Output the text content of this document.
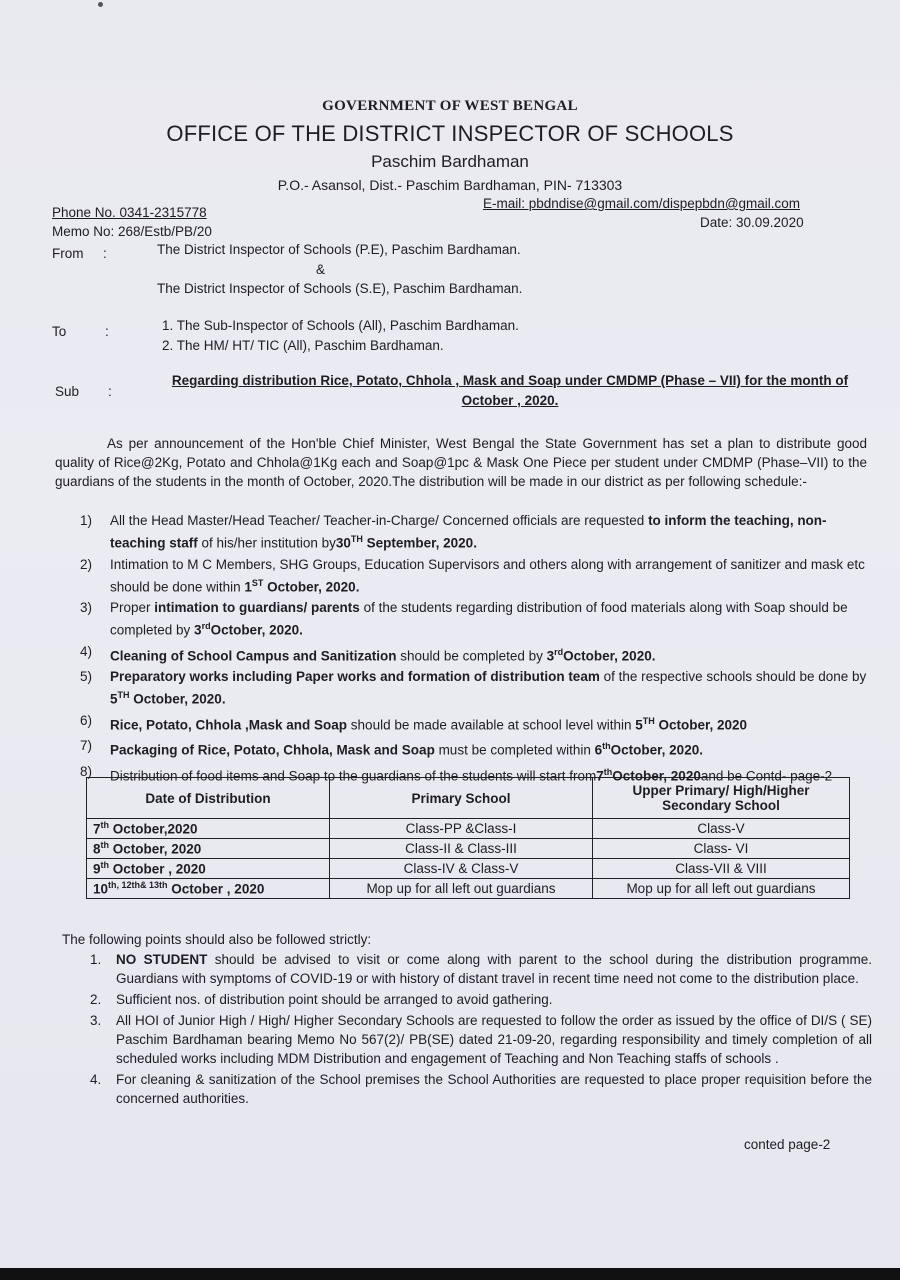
GOVERNMENT OF WEST BENGAL
OFFICE OF THE DISTRICT INSPECTOR OF SCHOOLS
Paschim Bardhaman
P.O.- Asansol, Dist.- Paschim Bardhaman, PIN- 713303
Phone No. 0341-2315778
E-mail: pbdndise@gmail.com/dispepbdn@gmail.com
Memo No: 268/Estb/PB/20
Date: 30.09.2020
From :	The District Inspector of Schools (P.E), Paschim Bardhaman.
&
The District Inspector of Schools (S.E), Paschim Bardhaman.
To	:	1. The Sub-Inspector of Schools (All), Paschim Bardhaman.
2. The HM/ HT/ TIC (All), Paschim Bardhaman.
Sub :
Regarding distribution Rice, Potato, Chhola , Mask and Soap under CMDMP (Phase – VII) for the month of October , 2020.
As per announcement of the Hon'ble Chief Minister, West Bengal the State Government has set a plan to distribute good quality of Rice@2Kg, Potato and Chhola@1Kg each and Soap@1pc & Mask One Piece per student under CMDMP (Phase–VII) to the guardians of the students in the month of October, 2020.The distribution will be made in our district as per following schedule:-
1) All the Head Master/Head Teacher/ Teacher-in-Charge/ Concerned officials are requested to inform the teaching, non-teaching staff of his/her institution by30TH September, 2020.
2) Intimation to M C Members, SHG Groups, Education Supervisors and others along with arrangement of sanitizer and mask etc should be done within 1ST October, 2020.
3) Proper intimation to guardians/ parents of the students regarding distribution of food materials along with Soap should be completed by 3rdOctober, 2020.
4) Cleaning of School Campus and Sanitization should be completed by 3rdOctober, 2020.
5) Preparatory works including Paper works and formation of distribution team of the respective schools should be done by 5TH October, 2020.
6) Rice, Potato, Chhola ,Mask and Soap should be made available at school level within 5TH October, 2020
7) Packaging of Rice, Potato, Chhola, Mask and Soap must be completed within 6thOctober, 2020.
8) Distribution of food items and Soap to the guardians of the students will start from7thOctober, 2020and be Contd- page-2
Date of Distribution	Primary School	Upper Primary/ High/Higher Secondary School
7th October,2020	Class-PP &Class-I	Class-V
8th October, 2020	Class-II & Class-III	Class- VI
9th October , 2020	Class-IV & Class-V	Class-VII & VIII
$10^{th, 12th\& 13th}$ October , 2020	Mop up for all left out guardians	Mop up for all left out guardians
The following points should also be followed strictly:
1. NO STUDENT should be advised to visit or come along with parent to the school during the distribution programme. Guardians with symptoms of COVID-19 or with history of distant travel in recent time need not come to the distribution place.
2. Sufficient nos. of distribution point should be arranged to avoid gathering.
3. All HOI of Junior High / High/ Higher Secondary Schools are requested to follow the order as issued by the office of DI/S ( SE) Paschim Bardhaman bearing Memo No 567(2)/ PB(SE) dated 21-09-20, regarding responsibility and timely completion of all scheduled works including MDM Distribution and engagement of Teaching and Non Teaching staffs of schools .
4. For cleaning & sanitization of the School premises the School Authorities are requested to place proper requisition before the concerned authorities.
conted page-2
